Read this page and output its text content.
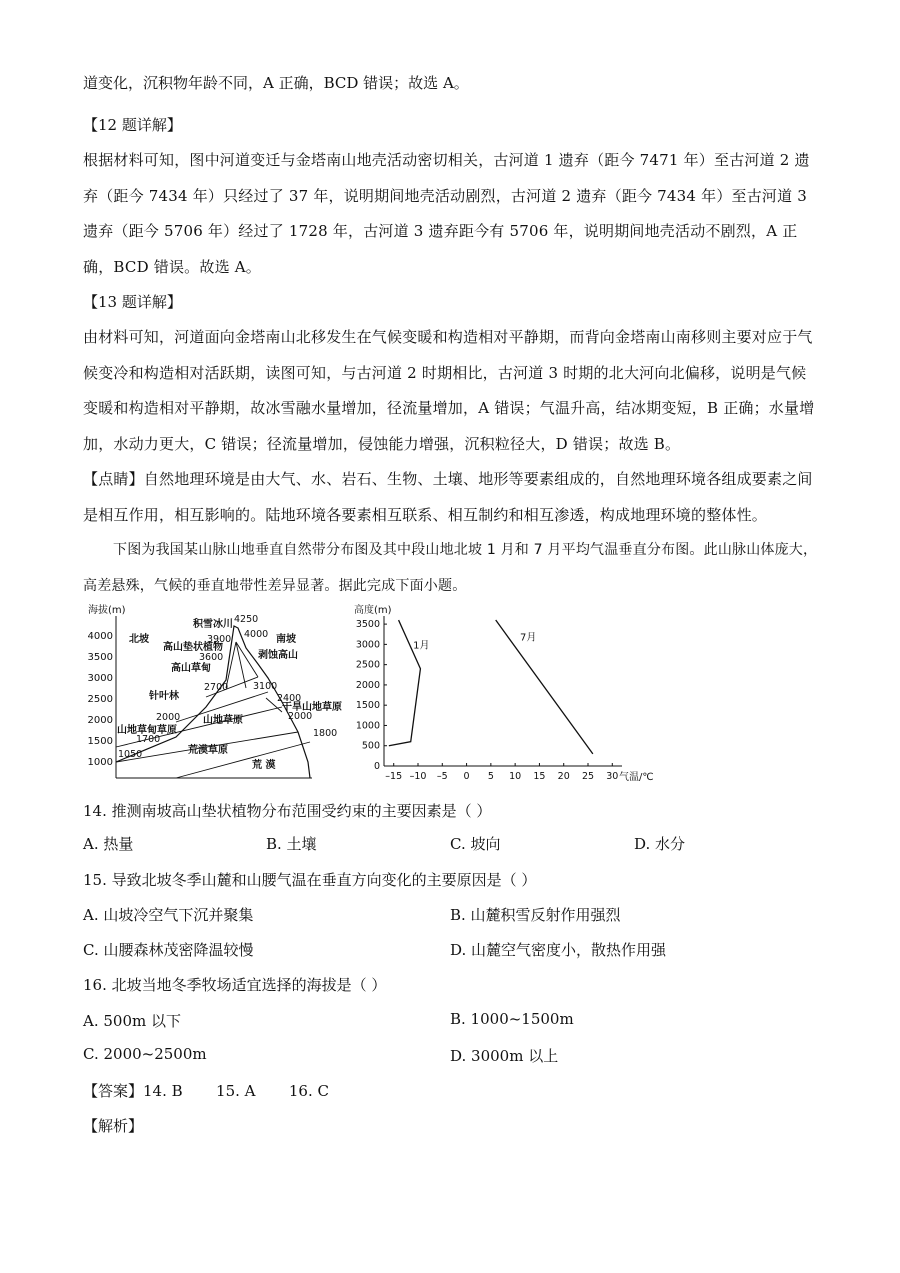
道变化，沉积物年龄不同，A 正确，BCD 错误；故选 A。

【12 题详解】

根据材料可知，图中河道变迁与金塔南山地壳活动密切相关，古河道 1 遗弃（距今 7471 年）至古河道 2 遗弃（距今 7434 年）只经过了 37 年，说明期间地壳活动剧烈，古河道 2 遗弃（距今 7434 年）至古河道 3 遗弃（距今 5706 年）经过了 1728 年，古河道 3 遗弃距今有 5706 年，说明期间地壳活动不剧烈，A 正确，BCD 错误。故选 A。

【13 题详解】

由材料可知，河道面向金塔南山北移发生在气候变暖和构造相对平静期，而背向金塔南山南移则主要对应于气候变冷和构造相对活跃期，读图可知，与古河道 2 时期相比，古河道 3 时期的北大河向北偏移，说明是气候变暖和构造相对平静期，故冰雪融水量增加，径流量增加，A 错误；气温升高，结冰期变短，B 正确；水量增加，水动力更大，C 错误；径流量增加，侵蚀能力增强，沉积粒径大，D 错误；故选 B。

【点睛】自然地理环境是由大气、水、岩石、生物、土壤、地形等要素组成的，自然地理环境各组成要素之间是相互作用，相互影响的。陆地环境各要素相互联系、相互制约和相互渗透，构成地理环境的整体性。

下图为我国某山脉山地垂直自然带分布图及其中段山地北坡 1 月和 7 月平均气温垂直分布图。此山脉山体庞大，高差悬殊，气候的垂直地带性差异显著。据此完成下面小题。

海拔(m)
4000
3500
3000
2500
2000
1500
1000
北坡	南坡
积雪冰川
高山垫状植物
高山草甸
针叶林
山地草甸草原
山地草原
干旱山地草原
荒漠草原
荒 漠
剥蚀高山
4250
3900 4000
3600
3100
2700
2400
2000	2000
1700
1800
1050
高度(m)
气温/℃
0
500
1000
1500
2000
2500
3000
3500
–15 –10 –5 0 5 10 15 20 25 30
1月
7月

14. 推测南坡高山垫状植物分布范围受约束的主要因素是（ ）

A. 热量	B. 土壤	C. 坡向	D. 水分

15. 导致北坡冬季山麓和山腰气温在垂直方向变化的主要原因是（ ）

A. 山坡冷空气下沉并聚集	B. 山麓积雪反射作用强烈
C. 山腰森林茂密降温较慢	D. 山麓空气密度小，散热作用强

16. 北坡当地冬季牧场适宜选择的海拔是（ ）

A. 500m 以下	B. 1000~1500m
C. 2000~2500m	D. 3000m 以上

【答案】14. B       15. A       16. C

【解析】
